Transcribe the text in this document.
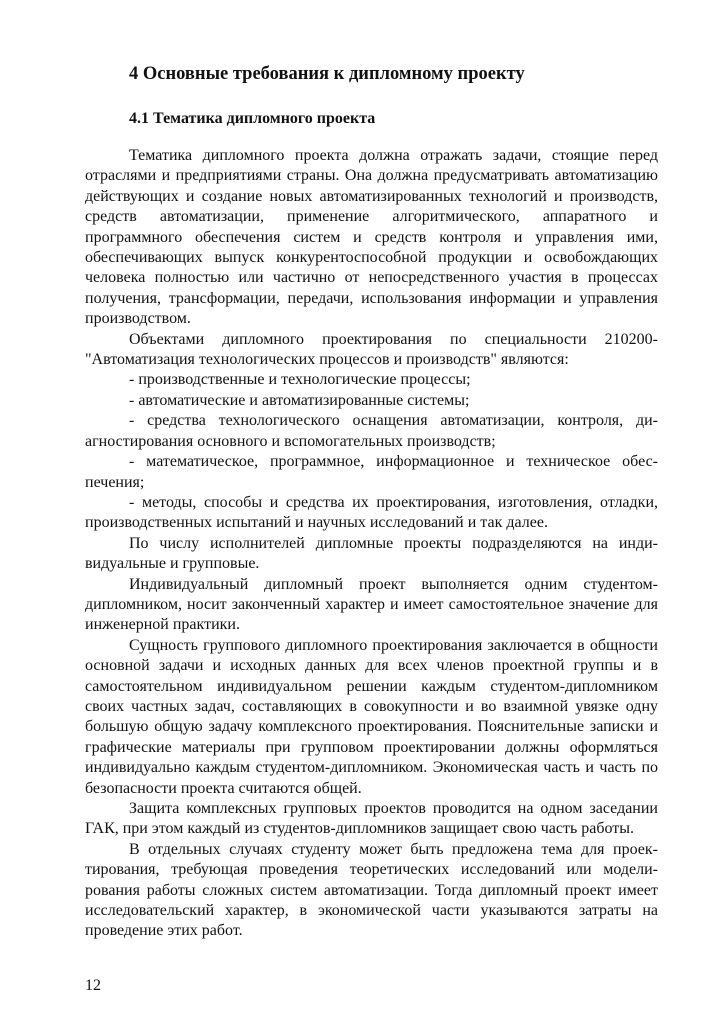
4 Основные требования к дипломному проекту
4.1 Тематика дипломного проекта

Тематика дипломного проекта должна отражать задачи, стоящие перед отраслями и предприятиями страны. Она должна предусматривать автоматизацию действующих и создание новых автоматизированных технологий и производств, средств автоматизации, применение алгоритмического, аппаратного и программного обеспечения систем и средств контроля и управления ими, обеспечивающих выпуск конкурентоспособной продукции и освобождающих человека полностью или частично от непосредственного участия в процессах получения, трансформации, передачи, использования информации и управления производством.

Объектами дипломного проектирования по специальности 210200- "Автоматизация технологических процессов и производств" являются:

- производственные и технологические процессы;

- автоматические и автоматизированные системы;

- средства технологического оснащения автоматизации, контроля, диагностирования основного и вспомогательных производств;

- математическое, программное, информационное и техническое обеспечения;

- методы, способы и средства их проектирования, изготовления, отладки, производственных испытаний и научных исследований и так далее.

По числу исполнителей дипломные проекты подразделяются на индивидуальные и групповые.

Индивидуальный дипломный проект выполняется одним студентом-дипломником, носит законченный характер и имеет самостоятельное значение для инженерной практики.

Сущность группового дипломного проектирования заключается в общности основной задачи и исходных данных для всех членов проектной группы и в самостоятельном индивидуальном решении каждым студентом-дипломником своих частных задач, составляющих в совокупности и во взаимной увязке одну большую общую задачу комплексного проектирования. Пояснительные записки и графические материалы при групповом проектировании должны оформляться индивидуально каждым студентом-дипломником. Экономическая часть и часть по безопасности проекта считаются общей.

Защита комплексных групповых проектов проводится на одном заседании ГАК, при этом каждый из студентов-дипломников защищает свою часть работы.

В отдельных случаях студенту может быть предложена тема для проектирования, требующая проведения теоретических исследований или моделирования работы сложных систем автоматизации. Тогда дипломный проект имеет исследовательский характер, в экономической части указываются затраты на проведение этих работ.

12
